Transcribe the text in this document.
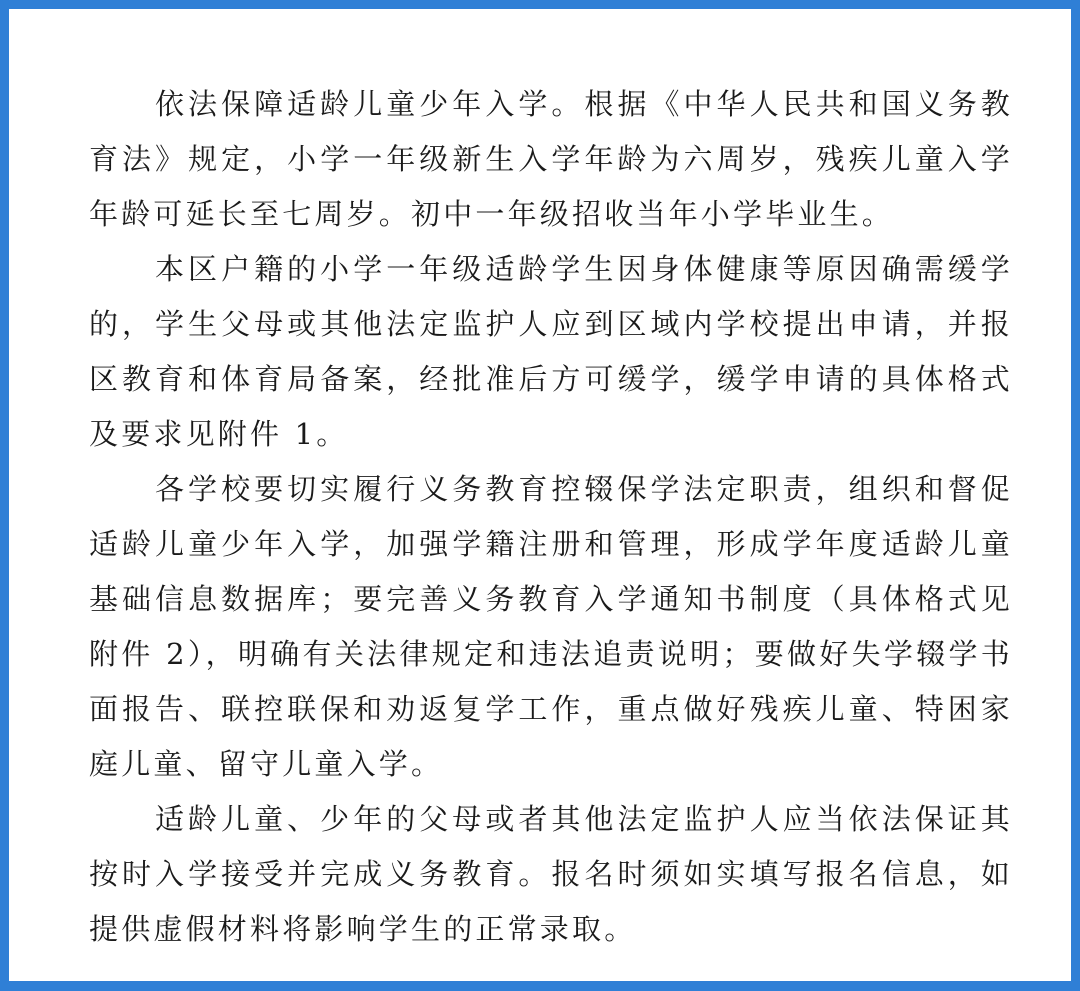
依法保障适龄儿童少年入学。根据《中华人民共和国义务教育法》规定，小学一年级新生入学年龄为六周岁，残疾儿童入学年龄可延长至七周岁。初中一年级招收当年小学毕业生。

本区户籍的小学一年级适龄学生因身体健康等原因确需缓学的，学生父母或其他法定监护人应到区域内学校提出申请，并报区教育和体育局备案，经批准后方可缓学，缓学申请的具体格式及要求见附件 1。

各学校要切实履行义务教育控辍保学法定职责，组织和督促适龄儿童少年入学，加强学籍注册和管理，形成学年度适龄儿童基础信息数据库；要完善义务教育入学通知书制度（具体格式见附件 2），明确有关法律规定和违法追责说明；要做好失学辍学书面报告、联控联保和劝返复学工作，重点做好残疾儿童、特困家庭儿童、留守儿童入学。

适龄儿童、少年的父母或者其他法定监护人应当依法保证其按时入学接受并完成义务教育。报名时须如实填写报名信息，如提供虚假材料将影响学生的正常录取。
